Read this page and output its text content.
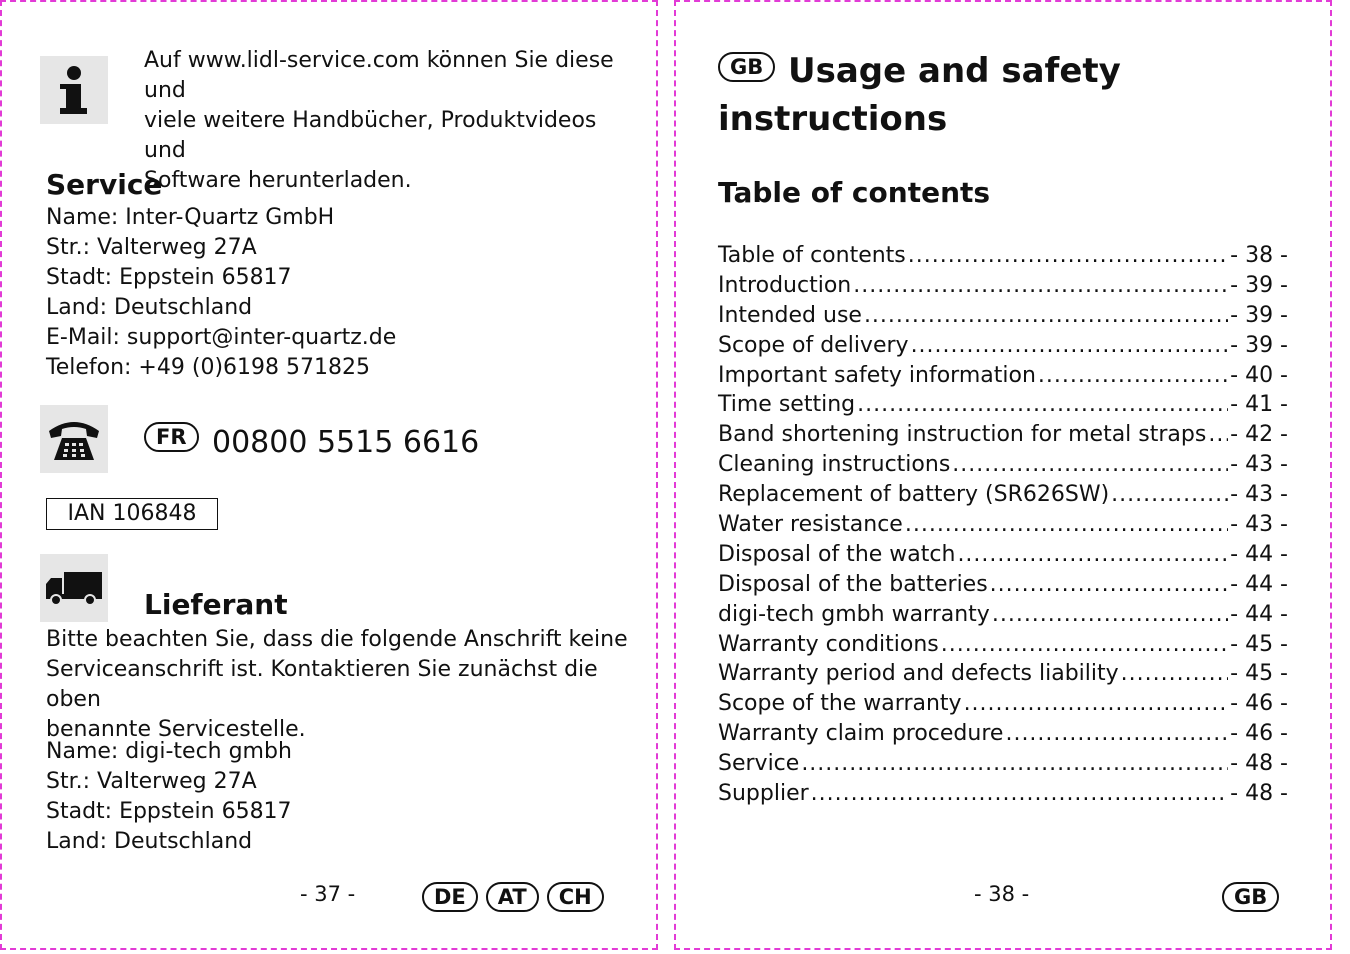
Auf www.lidl-service.com können Sie diese und
viele weitere Handbücher, Produktvideos und
Software herunterladen.
Service
Name: Inter-Quartz GmbH
Str.: Valterweg 27A
Stadt: Eppstein 65817
Land: Deutschland
E-Mail: support@inter-quartz.de
Telefon: +49 (0)6198 571825
FR 00800 5515 6616
IAN 106848
Lieferant
Bitte beachten Sie, dass die folgende Anschrift keine
Serviceanschrift ist. Kontaktieren Sie zunächst die oben
benannte Servicestelle.
Name: digi-tech gmbh
Str.: Valterweg 27A
Stadt: Eppstein 65817
Land: Deutschland
- 37 -	DE	AT	CH
GB Usage and safety
instructions
Table of contents
Table of contents .....	- 38 -
Introduction .....	- 39 -
Intended use .....	- 39 -
Scope of delivery .....	- 39 -
Important safety information .....	- 40 -
Time setting .....	- 41 -
Band shortening instruction for metal straps ..... - 42 -
Cleaning instructions .....	- 43 -
Replacement of battery (SR626SW) .....	- 43 -
Water resistance .....	- 43 -
Disposal of the watch .....	- 44 -
Disposal of the batteries .....	- 44 -
digi-tech gmbh warranty .....	- 44 -
Warranty conditions .....	- 45 -
Warranty period and defects liability .....	- 45 -
Scope of the warranty .....	- 46 -
Warranty claim procedure .....	- 46 -
Service .....	- 48 -
Supplier .....	- 48 -
- 38 -	GB
